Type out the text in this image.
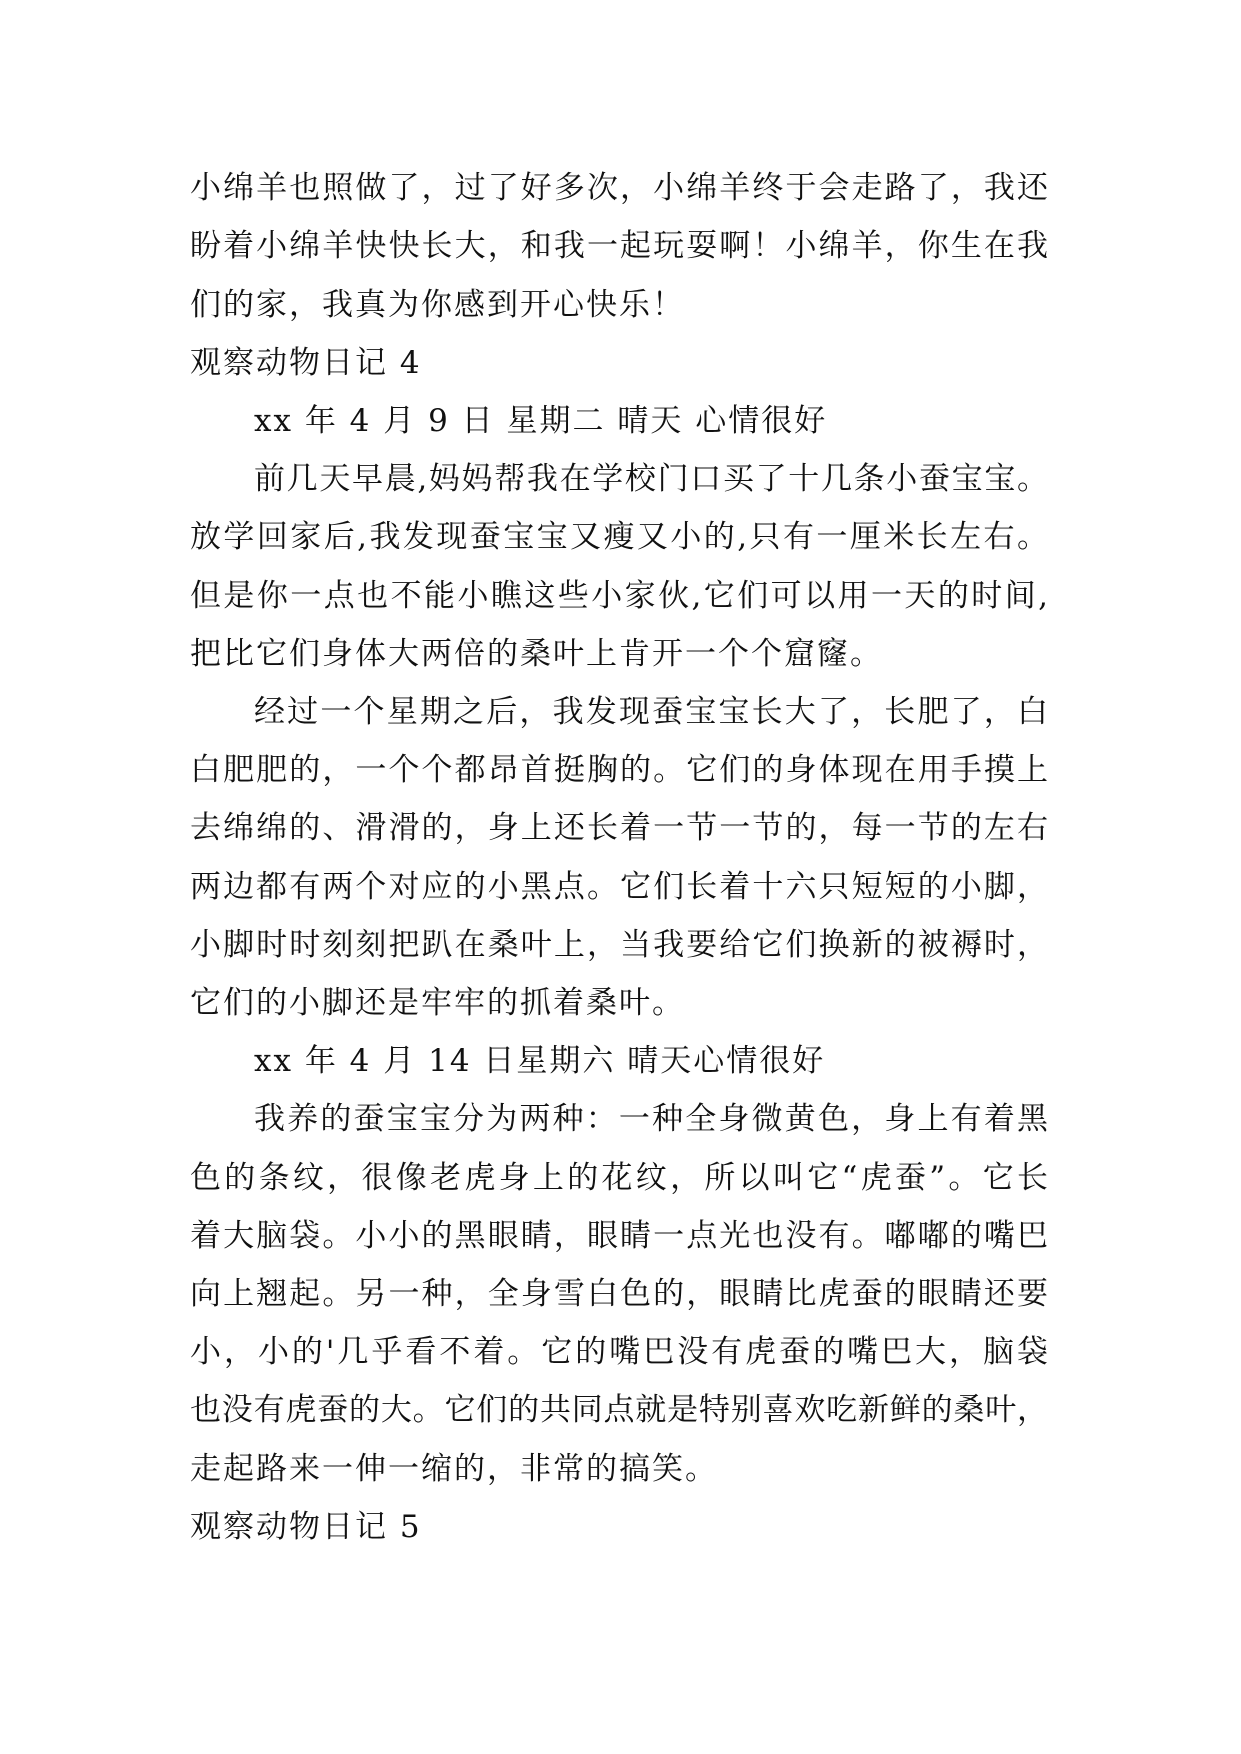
小绵羊也照做了，过了好多次，小绵羊终于会走路了，我还
盼着小绵羊快快长大，和我一起玩耍啊！小绵羊，你生在我
们的家，我真为你感到开心快乐！
观察动物日记 4
xx 年 4 月 9 日 星期二 晴天 心情很好
前几天早晨,妈妈帮我在学校门口买了十几条小蚕宝宝。
放学回家后,我发现蚕宝宝又瘦又小的,只有一厘米长左右。
但是你一点也不能小瞧这些小家伙,它们可以用一天的时间,
把比它们身体大两倍的桑叶上肯开一个个窟窿。
经过一个星期之后，我发现蚕宝宝长大了，长肥了，白
白肥肥的，一个个都昂首挺胸的。它们的身体现在用手摸上
去绵绵的、滑滑的，身上还长着一节一节的，每一节的左右
两边都有两个对应的小黑点。它们长着十六只短短的小脚，
小脚时时刻刻把趴在桑叶上，当我要给它们换新的被褥时，
它们的小脚还是牢牢的抓着桑叶。
xx 年 4 月 14 日星期六 晴天心情很好
我养的蚕宝宝分为两种：一种全身微黄色，身上有着黑
色的条纹，很像老虎身上的花纹，所以叫它“虎蚕”。它长
着大脑袋。小小的黑眼睛，眼睛一点光也没有。嘟嘟的嘴巴
向上翘起。另一种，全身雪白色的，眼睛比虎蚕的眼睛还要
小，小的'几乎看不着。它的嘴巴没有虎蚕的嘴巴大，脑袋
也没有虎蚕的大。它们的共同点就是特别喜欢吃新鲜的桑叶，
走起路来一伸一缩的，非常的搞笑。
观察动物日记 5
